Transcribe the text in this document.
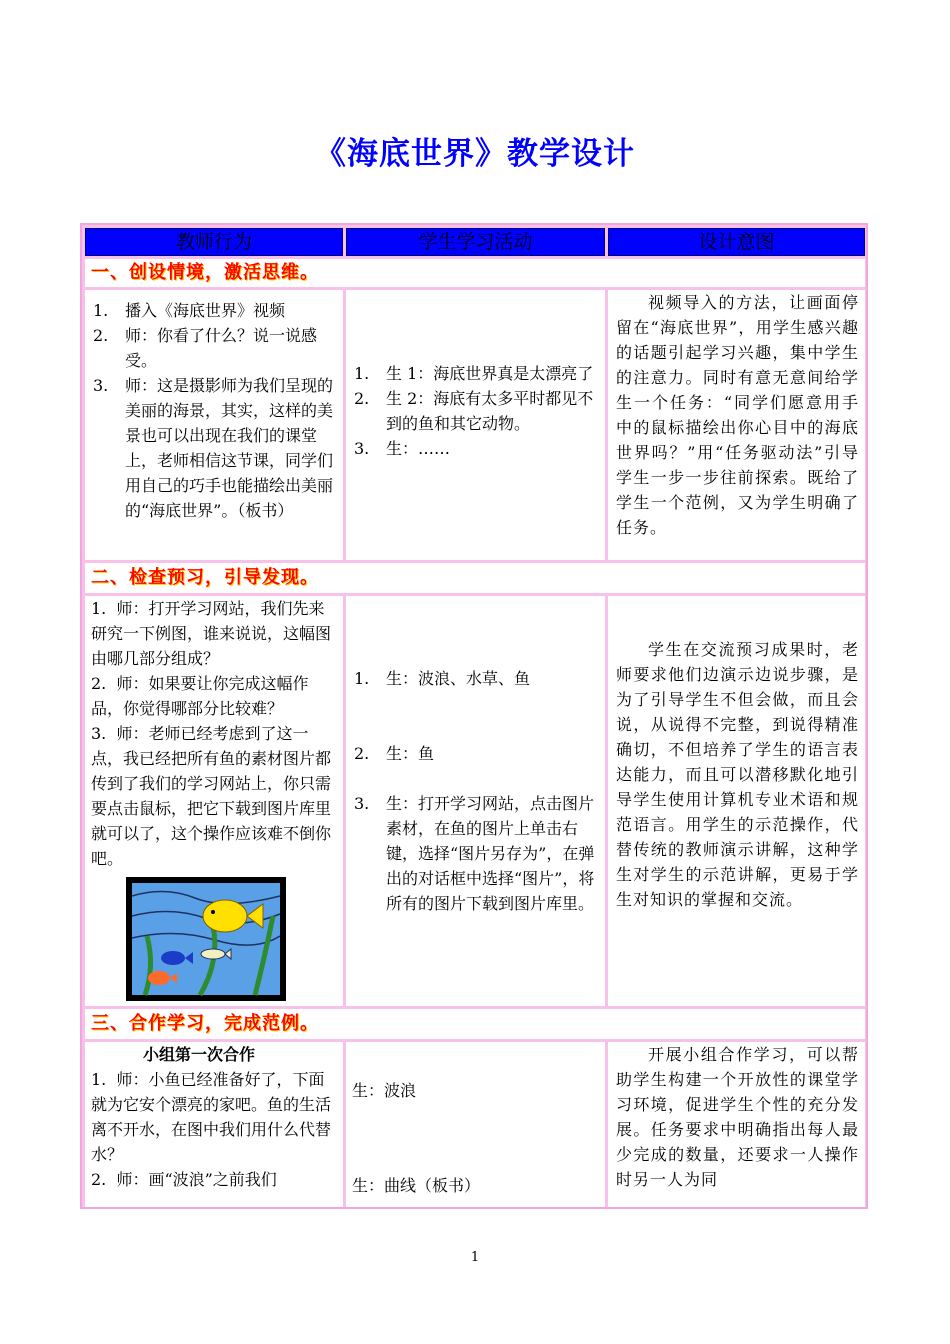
《海底世界》教学设计
教师行为	学生学习活动	设计意图
一、创设情境，激活思维。
1. 播入《海底世界》视频
2. 师：你看了什么？说一说感受。
3. 师：这是摄影师为我们呈现的美丽的海景，其实，这样的美景也可以出现在我们的课堂上，老师相信这节课，同学们用自己的巧手也能描绘出美丽的“海底世界”。（板书）
1. 生 1：海底世界真是太漂亮了
2. 生 2：海底有太多平时都见不到的鱼和其它动物。
3. 生：……
视频导入的方法，让画面停留在“海底世界”，用学生感兴趣的话题引起学习兴趣，集中学生的注意力。同时有意无意间给学生一个任务：“同学们愿意用手中的鼠标描绘出你心目中的海底世界吗？”用“任务驱动法”引导学生一步一步往前探索。既给了学生一个范例，又为学生明确了任务。
二、检查预习，引导发现。
1. 师：打开学习网站，我们先来研究一下例图，谁来说说，这幅图由哪几部分组成？
2. 师：如果要让你完成这幅作品，你觉得哪部分比较难？
3. 师：老师已经考虑到了这一点，我已经把所有鱼的素材图片都传到了我们的学习网站上，你只需要点击鼠标，把它下载到图片库里就可以了，这个操作应该难不倒你吧。
1. 生：波浪、水草、鱼
2. 生：鱼
3. 生：打开学习网站，点击图片素材，在鱼的图片上单击右键，选择“图片另存为”，在弹出的对话框中选择“图片”，将所有的图片下载到图片库里。
学生在交流预习成果时，老师要求他们边演示边说步骤，是为了引导学生不但会做，而且会说，从说得不完整，到说得精准确切，不但培养了学生的语言表达能力，而且可以潜移默化地引导学生使用计算机专业术语和规范语言。用学生的示范操作，代替传统的教师演示讲解，这种学生对学生的示范讲解，更易于学生对知识的掌握和交流。
三、合作学习，完成范例。
小组第一次合作
1. 师：小鱼已经准备好了，下面就为它安个漂亮的家吧。鱼的生活离不开水，在图中我们用什么代替水？
2. 师：画“波浪”之前我们
生：波浪
生：曲线（板书）
开展小组合作学习，可以帮助学生构建一个开放性的课堂学习环境，促进学生个性的充分发展。任务要求中明确指出每人最少完成的数量，还要求一人操作时另一人为同
1
